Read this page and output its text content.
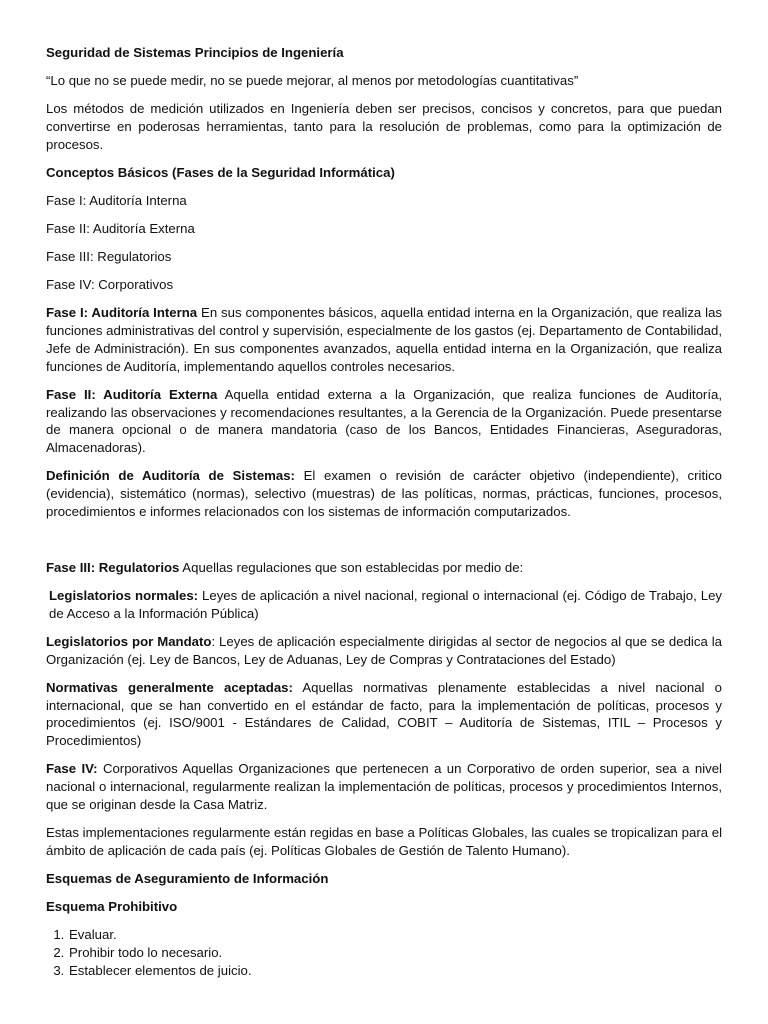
Seguridad de Sistemas Principios de Ingeniería

“Lo que no se puede medir, no se puede mejorar, al menos por metodologías cuantitativas”

Los métodos de medición utilizados en Ingeniería deben ser precisos, concisos y concretos, para que puedan convertirse en poderosas herramientas, tanto para la resolución de problemas, como para la optimización de procesos.

Conceptos Básicos (Fases de la Seguridad Informática)

Fase I: Auditoría Interna

Fase II: Auditoría Externa

Fase III: Regulatorios

Fase IV: Corporativos

Fase I: Auditoría Interna En sus componentes básicos, aquella entidad interna en la Organización, que realiza las funciones administrativas del control y supervisión, especialmente de los gastos (ej. Departamento de Contabilidad, Jefe de Administración). En sus componentes avanzados, aquella entidad interna en la Organización, que realiza funciones de Auditoría, implementando aquellos controles necesarios.

Fase II: Auditoría Externa Aquella entidad externa a la Organización, que realiza funciones de Auditoría, realizando las observaciones y recomendaciones resultantes, a la Gerencia de la Organización. Puede presentarse de manera opcional o de manera mandatoria (caso de los Bancos, Entidades Financieras, Aseguradoras, Almacenadoras).

Definición de Auditoría de Sistemas: El examen o revisión de carácter objetivo (independiente), critico (evidencia), sistemático (normas), selectivo (muestras) de las políticas, normas, prácticas, funciones, procesos, procedimientos e informes relacionados con los sistemas de información computarizados.

Fase III: Regulatorios Aquellas regulaciones que son establecidas por medio de:

Legislatorios normales: Leyes de aplicación a nivel nacional, regional o internacional (ej. Código de Trabajo, Ley de Acceso a la Información Pública)

Legislatorios por Mandato: Leyes de aplicación especialmente dirigidas al sector de negocios al que se dedica la Organización (ej. Ley de Bancos, Ley de Aduanas, Ley de Compras y Contrataciones del Estado)

Normativas generalmente aceptadas: Aquellas normativas plenamente establecidas a nivel nacional o internacional, que se han convertido en el estándar de facto, para la implementación de políticas, procesos y procedimientos (ej. ISO/9001 - Estándares de Calidad, COBIT – Auditoría de Sistemas, ITIL – Procesos y Procedimientos)

Fase IV: Corporativos Aquellas Organizaciones que pertenecen a un Corporativo de orden superior, sea a nivel nacional o internacional, regularmente realizan la implementación de políticas, procesos y procedimientos Internos, que se originan desde la Casa Matriz.

Estas implementaciones regularmente están regidas en base a Políticas Globales, las cuales se tropicalizan para el ámbito de aplicación de cada país (ej. Políticas Globales de Gestión de Talento Humano).

Esquemas de Aseguramiento de Información

Esquema Prohibitivo

1. Evaluar.
2. Prohibir todo lo necesario.
3. Establecer elementos de juicio.
